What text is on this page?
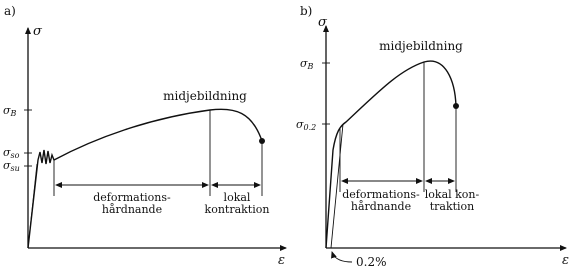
a)
σ
ε
σB
σso
σsu
midjebildning
deformations-
hårdnande
lokal
kontraktion
b)
σ
ε
σB
σ0.2
midjebildning
deformations-
hårdnande
lokal kon-
traktion
0.2%
